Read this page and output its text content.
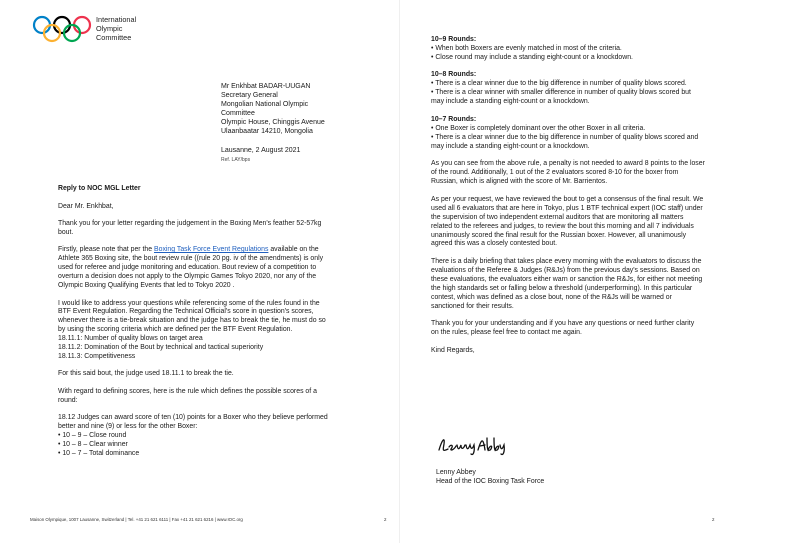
International
Olympic
Committee
Mr Enkhbat BADAR-UUGAN
Secretary General
Mongolian National Olympic
Committee
Olympic House, Chinggis Avenue
Ulaanbaatar 14210, Mongolia
Lausanne, 2 August 2021
Ref. LAY/bps

Reply to NOC MGL Letter

Dear Mr. Enkhbat,

Thank you for your letter regarding the judgement in the Boxing Men's feather 52-57kg
bout.
Firstly, please note that per the Boxing Task Force Event Regulations available on the
Athlete 365 Boxing site, the bout review rule ((rule 20 pg. iv of the amendments) is only
used for referee and judge monitoring and education. Bout review of a competition to
overturn a decision does not apply to the Olympic Games Tokyo 2020, nor any of the
Olympic Boxing Qualifying Events that led to Tokyo 2020 .
I would like to address your questions while referencing some of the rules found in the
BTF Event Regulation. Regarding the Technical Official's score in question's scores,
whenever there is a tie-break situation and the judge has to break the tie, he must do so
by using the scoring criteria which are defined per the BTF Event Regulation.
18.11.1: Number of quality blows on target area
18.11.2: Domination of the Bout by technical and tactical superiority
18.11.3: Competitiveness
For this said bout, the judge used 18.11.1 to break the tie.
With regard to defining scores, here is the rule which defines the possible scores of a
round:
18.12 Judges can award score of ten (10) points for a Boxer who they believe performed
better and nine (9) or less for the other Boxer:
• 10 – 9 – Close round
• 10 – 8 – Clear winner
• 10 – 7 – Total dominance
Maison Olympique, 1007 Lausanne, Switzerland | Tel. +41 21 621 6111 | Fax +41 21 621 6216 | www.IOC.org	2
10–9 Rounds:
• When both Boxers are evenly matched in most of the criteria.
• Close round may include a standing eight-count or a knockdown.
10–8 Rounds:
• There is a clear winner due to the big difference in number of quality blows scored.
• There is a clear winner with smaller difference in number of quality blows scored but
may include a standing eight-count or a knockdown.
10–7 Rounds:
• One Boxer is completely dominant over the other Boxer in all criteria.
• There is a clear winner due to the big difference in number of quality blows scored and
may include a standing eight-count or a knockdown.
As you can see from the above rule, a penalty is not needed to award 8 points to the loser
of the round. Additionally, 1 out of the 2 evaluators scored 8-10 for the boxer from
Russian, which is aligned with the score of Mr. Barrientos.
As per your request, we have reviewed the bout to get a consensus of the final result. We
used all 6 evaluators that are here in Tokyo, plus 1 BTF technical expert (IOC staff) under
the supervision of two independent external auditors that are monitoring all matters
related to the referees and judges, to review the bout this morning and all 7 individuals
unanimously scored the final result for the Russian boxer. However, all unanimously
agreed this was a closely contested bout.
There is a daily briefing that takes place every morning with the evaluators to discuss the
evaluations of the Referee & Judges (R&Js) from the previous day's sessions. Based on
these evaluations, the evaluators either warn or sanction the R&Js, for either not meeting
the high standards set or falling below a threshold (underperforming). In this particular
contest, which was defined as a close bout, none of the R&Js will be warned or
sanctioned for their results.
Thank you for your understanding and if you have any questions or need further clarity
on the rules, please feel free to contact me again.
Kind Regards,
2
Lenny Abbey
Head of the IOC Boxing Task Force
